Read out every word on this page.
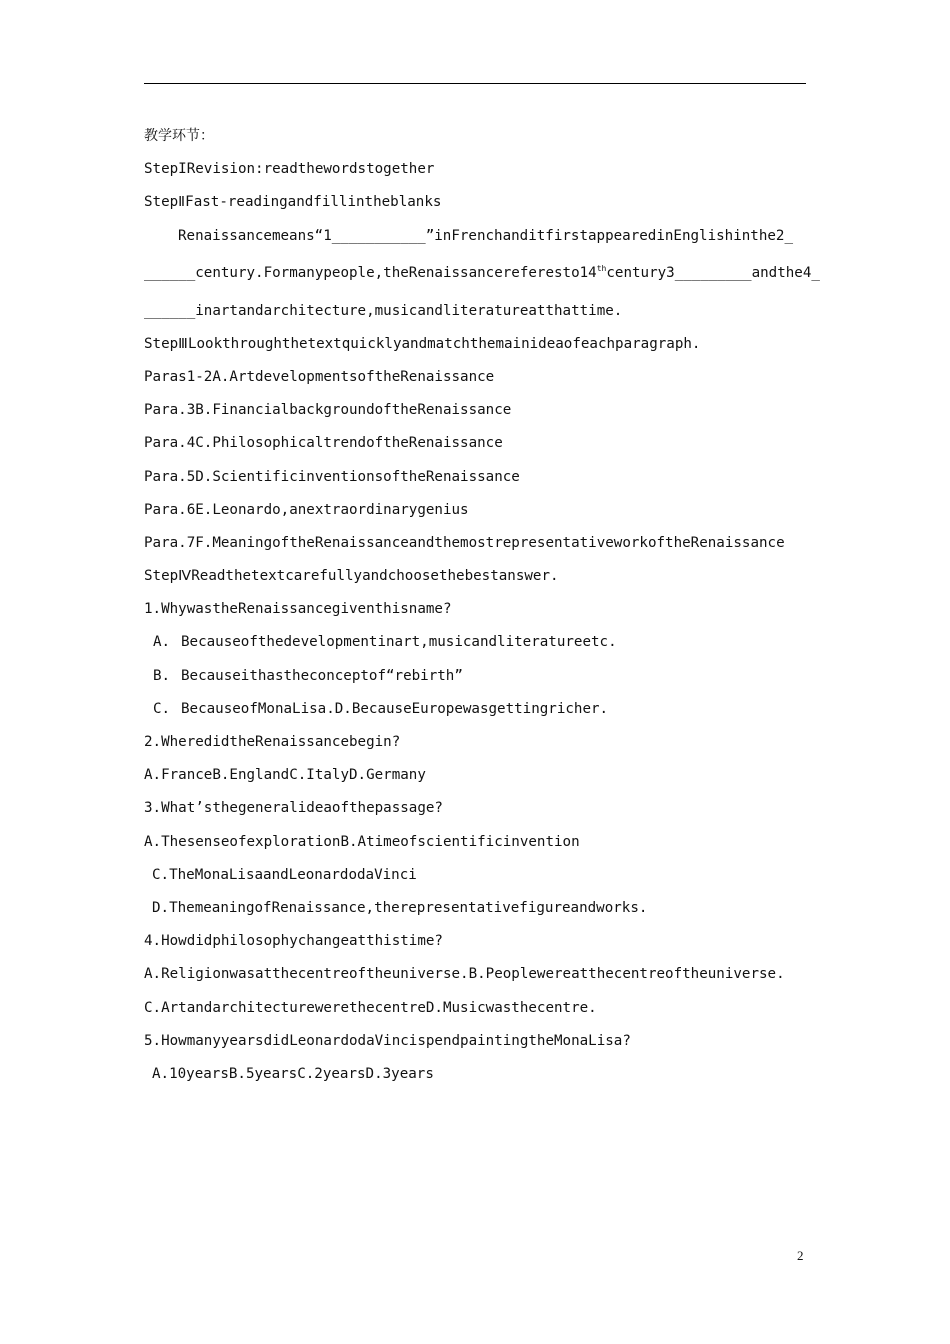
教学环节：
StepIRevision:readthewordstogether
StepⅡFast-readingandfillintheblanks
Renaissancemeans“1___________”inFrenchanditfirstappearedinEnglishinthe2_
______century.Formanypeople,theRenaissancereferesto14thcentury3_________andthe4_
______inartandarchitecture,musicandliteratureatthattime.
StepⅢLookthroughthetextquicklyandmatchthemainideaofeachparagraph.
Paras1-2A.ArtdevelopmentsoftheRenaissance
Para.3B.FinancialbackgroundoftheRenaissance
Para.4C.PhilosophicaltrendoftheRenaissance
Para.5D.ScientificinventionsoftheRenaissance
Para.6E.Leonardo,anextraordinarygenius
Para.7F.MeaningoftheRenaissanceandthemostrepresentativeworkoftheRenaissance
StepⅣReadthetextcarefullyandchoosethebestanswer.
1.WhywastheRenaissancegiventhisname?
A. Becauseofthedevelopmentinart,musicandliteratureetc.
B. Becauseithastheconceptof“rebirth”
C. BecauseofMonaLisa.D.BecauseEuropewasgettingricher.
2.WheredidtheRenaissancebegin?
A.FranceB.EnglandC.ItalyD.Germany
3.What’sthegeneralideaofthepassage?
A.ThesenseofexplorationB.Atimeofscientificinvention
C.TheMonaLisaandLeonardodaVinci
D.ThemeaningofRenaissance,therepresentativefigureandworks.
4.Howdidphilosophychangeatthistime?
A.Religionwasatthecentreoftheuniverse.B.Peoplewereatthecentreoftheuniverse.
C.ArtandarchitecturewerethecentreD.Musicwasthecentre.
5.HowmanyyearsdidLeonardodaVincispendpaintingtheMonaLisa?
A.10yearsB.5yearsC.2yearsD.3years
2
